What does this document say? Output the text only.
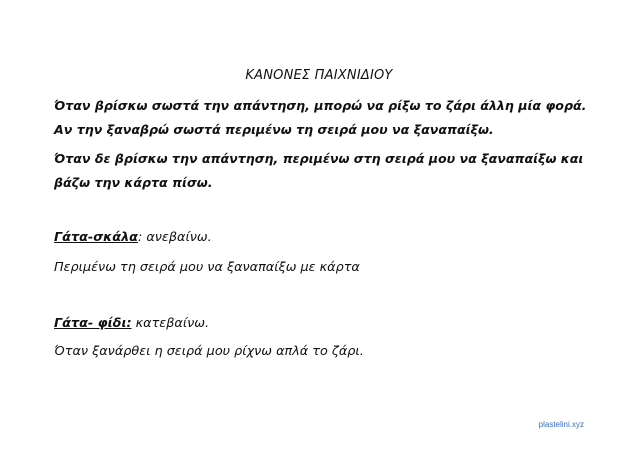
ΚΑΝΟΝΕΣ ΠΑΙΧΝΙΔΙΟΥ
Όταν βρίσκω σωστά την απάντηση, μπορώ να ρίξω το ζάρι άλλη μία φορά.
Αν την ξαναβρώ σωστά περιμένω τη σειρά μου να ξαναπαίξω.
Όταν δε βρίσκω την απάντηση, περιμένω στη σειρά μου να ξαναπαίξω και
βάζω την κάρτα πίσω.
Γάτα-σκάλα: ανεβαίνω.
Περιμένω τη σειρά μου να ξαναπαίξω με κάρτα
Γάτα- φίδι: κατεβαίνω.
Όταν ξανάρθει η σειρά μου ρίχνω απλά το ζάρι.
plastelini.xyz
